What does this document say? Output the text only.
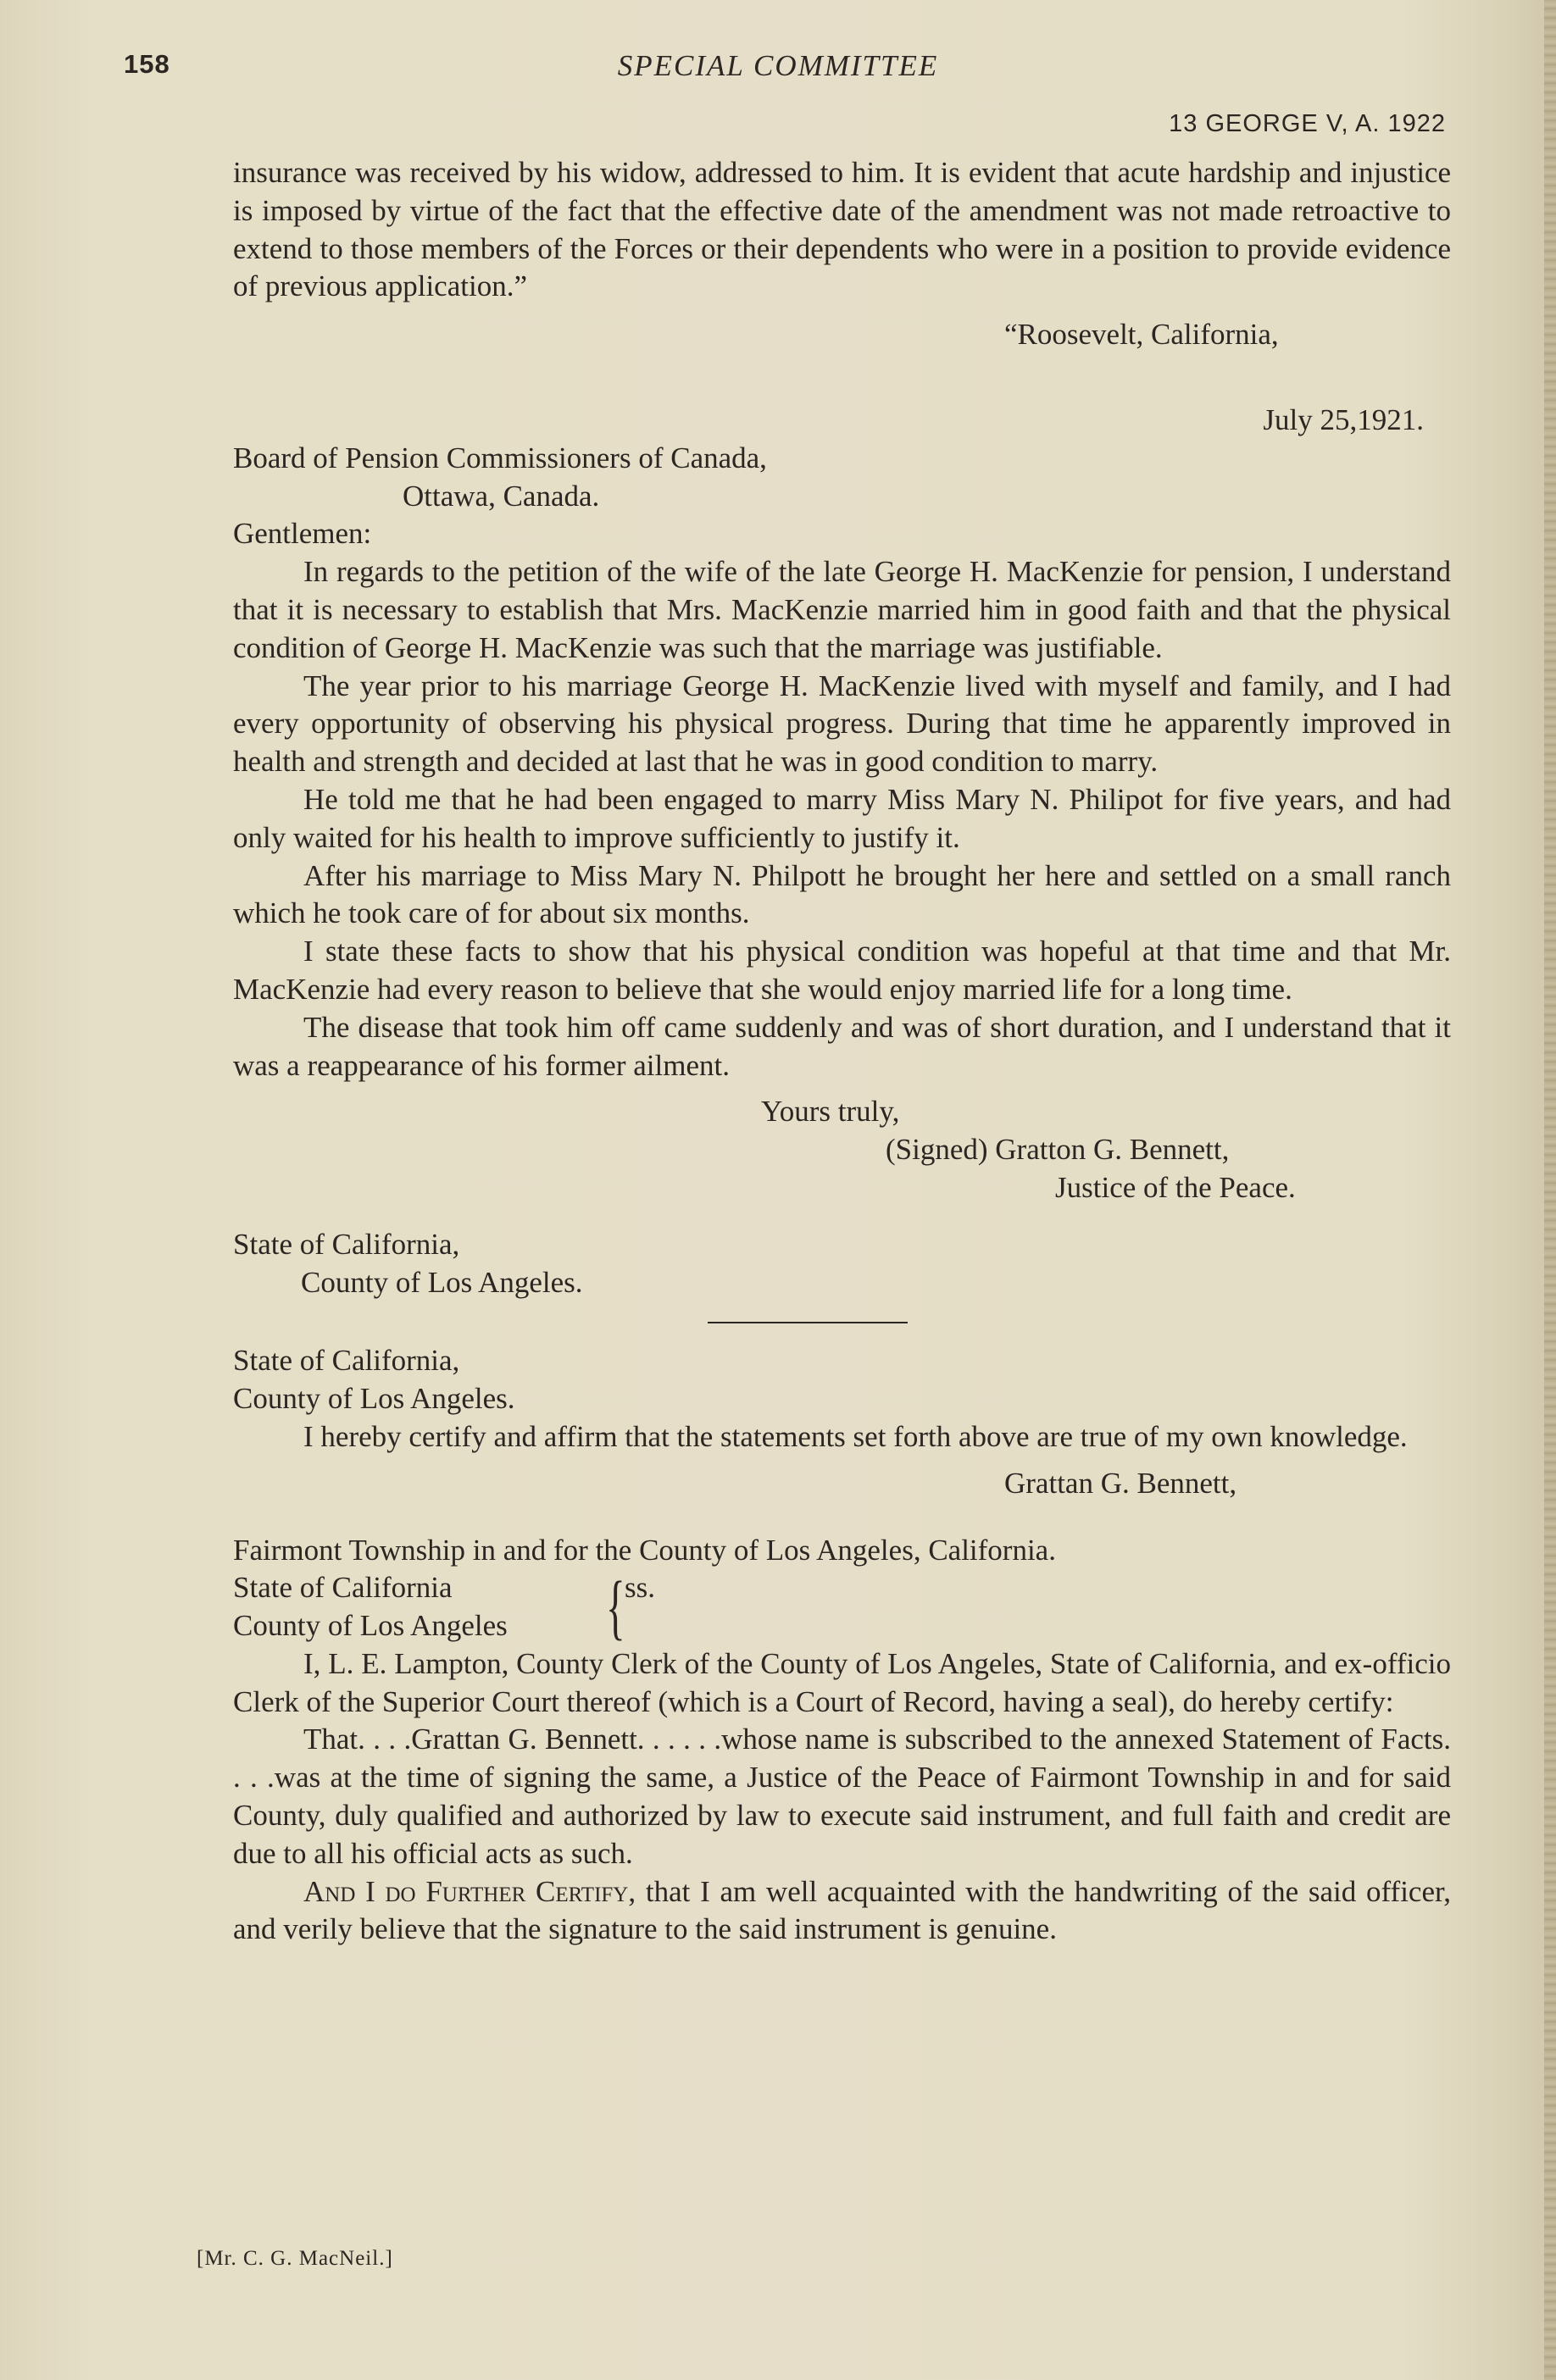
158	SPECIAL COMMITTEE
13 GEORGE V, A. 1922

insurance was received by his widow, addressed to him. It is evident that acute hardship and injustice is imposed by virtue of the fact that the effective date of the amendment was not made retroactive to extend to those members of the Forces or their dependents who were in a position to provide evidence of previous application.”

“Roosevelt, California,

July 25,1921.

Board of Pension Commissioners of Canada,

Ottawa, Canada.

Gentlemen:

In regards to the petition of the wife of the late George H. MacKenzie for pension, I understand that it is necessary to establish that Mrs. MacKenzie married him in good faith and that the physical condition of George H. MacKenzie was such that the marriage was justifiable.

The year prior to his marriage George H. MacKenzie lived with myself and family, and I had every opportunity of observing his physical progress. During that time he apparently improved in health and strength and decided at last that he was in good condition to marry.

He told me that he had been engaged to marry Miss Mary N. Philipot for five years, and had only waited for his health to improve sufficiently to justify it.

After his marriage to Miss Mary N. Philpott he brought her here and settled on a small ranch which he took care of for about six months.

I state these facts to show that his physical condition was hopeful at that time and that Mr. MacKenzie had every reason to believe that she would enjoy married life for a long time.

The disease that took him off came suddenly and was of short duration, and I understand that it was a reappearance of his former ailment.

Yours truly,

(Signed) Gratton G. Bennett,

Justice of the Peace.

State of California,

County of Los Angeles.

State of California,

County of Los Angeles.

I hereby certify and affirm that the statements set forth above are true of my own knowledge.

Grattan G. Bennett,

Fairmont Township in and for the County of Los Angeles, California.

State of California

County of Los Angeles	{ ss.

I, L. E. Lampton, County Clerk of the County of Los Angeles, State of California, and ex-officio Clerk of the Superior Court thereof (which is a Court of Record, having a seal), do hereby certify:

That. . . .Grattan G. Bennett. . . . . .whose name is subscribed to the annexed Statement of Facts. . . .was at the time of signing the same, a Justice of the Peace of Fairmont Township in and for said County, duly qualified and authorized by law to execute said instrument, and full faith and credit are due to all his official acts as such.

And I do Further Certify, that I am well acquainted with the handwriting of the said officer, and verily believe that the signature to the said instrument is genuine.

[Mr. C. G. MacNeil.]
